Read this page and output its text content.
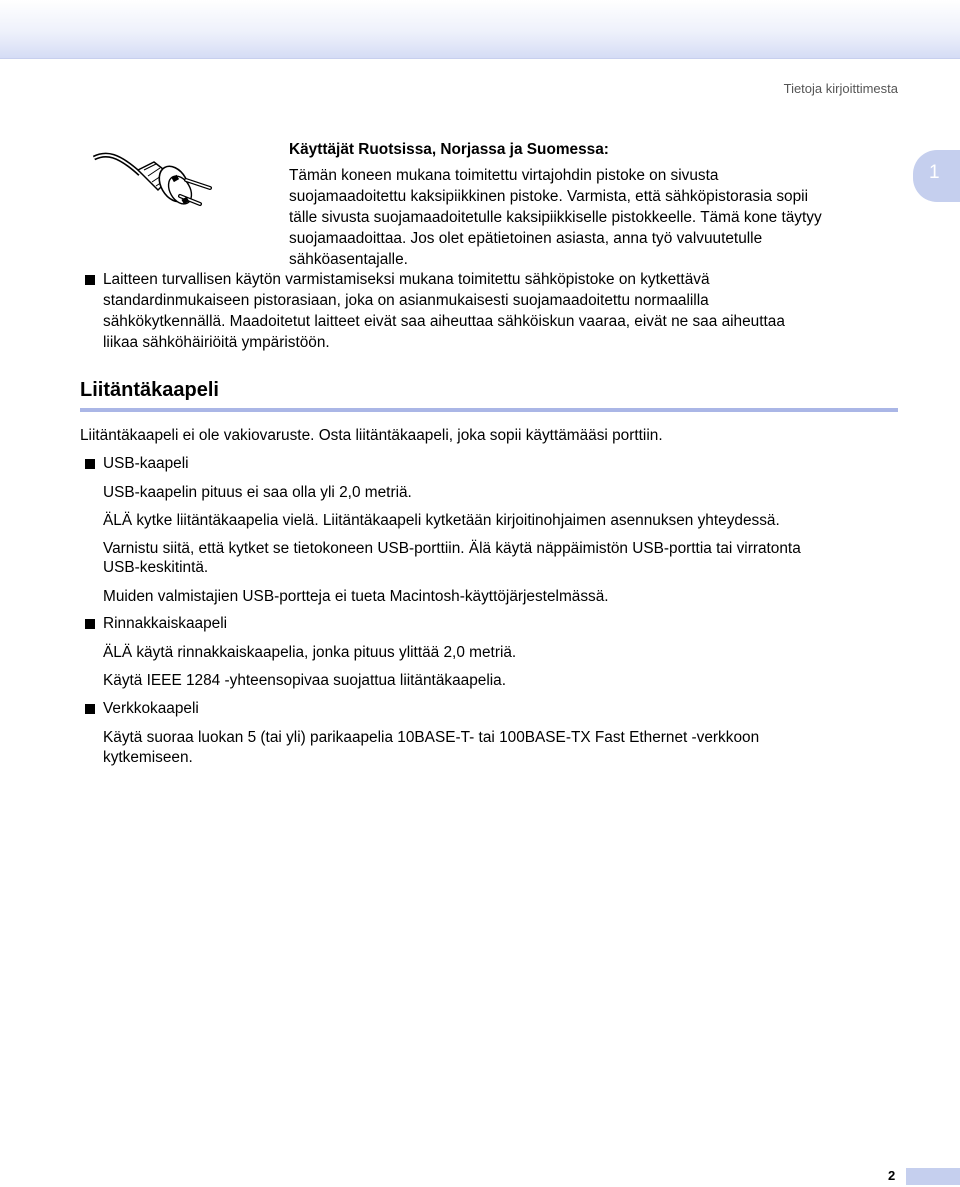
Tietoja kirjoittimesta
1
Käyttäjät Ruotsissa, Norjassa ja Suomessa:
Tämän koneen mukana toimitettu virtajohdin pistoke on sivusta
suojamaadoitettu kaksipiikkinen pistoke. Varmista, että sähköpistorasia sopii
tälle sivusta suojamaadoitetulle kaksipiikkiselle pistokkeelle. Tämä kone täytyy
suojamaadoittaa. Jos olet epätietoinen asiasta, anna työ valvuutetulle
sähköasentajalle.
Laitteen turvallisen käytön varmistamiseksi mukana toimitettu sähköpistoke on kytkettävä
standardinmukaiseen pistorasiaan, joka on asianmukaisesti suojamaadoitettu normaalilla
sähkökytkennällä. Maadoitetut laitteet eivät saa aiheuttaa sähköiskun vaaraa, eivät ne saa aiheuttaa
liikaa sähköhäiriöitä ympäristöön.
Liitäntäkaapeli
Liitäntäkaapeli ei ole vakiovaruste. Osta liitäntäkaapeli, joka sopii käyttämääsi porttiin.
USB-kaapeli
USB-kaapelin pituus ei saa olla yli 2,0 metriä.
ÄLÄ kytke liitäntäkaapelia vielä. Liitäntäkaapeli kytketään kirjoitinohjaimen asennuksen yhteydessä.
Varnistu siitä, että kytket se tietokoneen USB-porttiin. Älä käytä näppäimistön USB-porttia tai virratonta
USB-keskitintä.
Muiden valmistajien USB-portteja ei tueta Macintosh-käyttöjärjestelmässä.
Rinnakkaiskaapeli
ÄLÄ käytä rinnakkaiskaapelia, jonka pituus ylittää 2,0 metriä.
Käytä IEEE 1284 -yhteensopivaa suojattua liitäntäkaapelia.
Verkkokaapeli
Käytä suoraa luokan 5 (tai yli) parikaapelia 10BASE-T- tai 100BASE-TX Fast Ethernet -verkkoon
kytkemiseen.
2
